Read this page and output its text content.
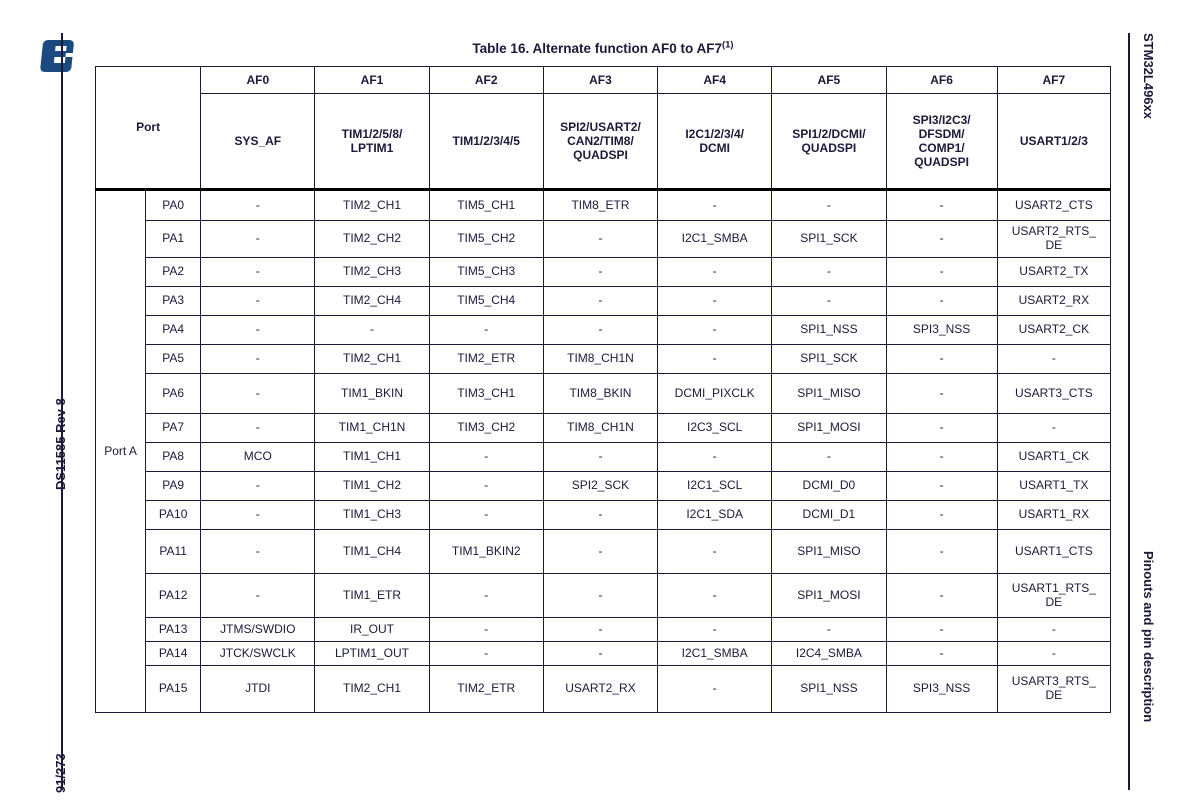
DS11585 Rev 8
91/273
STM32L496xx
Pinouts and pin description
Table 16. Alternate function AF0 to AF7$^{(1)}$
Port		AF0	AF1	AF2	AF3	AF4	AF5	AF6	AF7
		SYS_AF	TIM1/2/5/8/
LPTIM1	TIM1/2/3/4/5	SPI2/USART2/
CAN2/TIM8/
QUADSPI	I2C1/2/3/4/
DCMI	SPI1/2/DCMI/
QUADSPI	SPI3/I2C3/
DFSDM/
COMP1/
QUADSPI	USART1/2/3
Port A	PA0	-	TIM2_CH1	TIM5_CH1	TIM8_ETR	-	-	-	USART2_CTS
	PA1	-	TIM2_CH2	TIM5_CH2	-	I2C1_SMBA	SPI1_SCK	-	USART2_RTS_
DE
	PA2	-	TIM2_CH3	TIM5_CH3	-	-	-	-	USART2_TX
	PA3	-	TIM2_CH4	TIM5_CH4	-	-	-	-	USART2_RX
	PA4	-	-	-	-	-	SPI1_NSS	SPI3_NSS	USART2_CK
	PA5	-	TIM2_CH1	TIM2_ETR	TIM8_CH1N	-	SPI1_SCK	-	-
	PA6	-	TIM1_BKIN	TIM3_CH1	TIM8_BKIN	DCMI_PIXCLK	SPI1_MISO	-	USART3_CTS
	PA7	-	TIM1_CH1N	TIM3_CH2	TIM8_CH1N	I2C3_SCL	SPI1_MOSI	-	-
	PA8	MCO	TIM1_CH1	-	-	-	-	-	USART1_CK
	PA9	-	TIM1_CH2	-	SPI2_SCK	I2C1_SCL	DCMI_D0	-	USART1_TX
	PA10	-	TIM1_CH3	-	-	I2C1_SDA	DCMI_D1	-	USART1_RX
	PA11	-	TIM1_CH4	TIM1_BKIN2	-	-	SPI1_MISO	-	USART1_CTS
	PA12	-	TIM1_ETR	-	-	-	SPI1_MOSI	-	USART1_RTS_
DE
	PA13	JTMS/SWDIO	IR_OUT	-	-	-	-	-	-
	PA14	JTCK/SWCLK	LPTIM1_OUT	-	-	I2C1_SMBA	I2C4_SMBA	-	-
	PA15	JTDI	TIM2_CH1	TIM2_ETR	USART2_RX	-	SPI1_NSS	SPI3_NSS	USART3_RTS_
DE
